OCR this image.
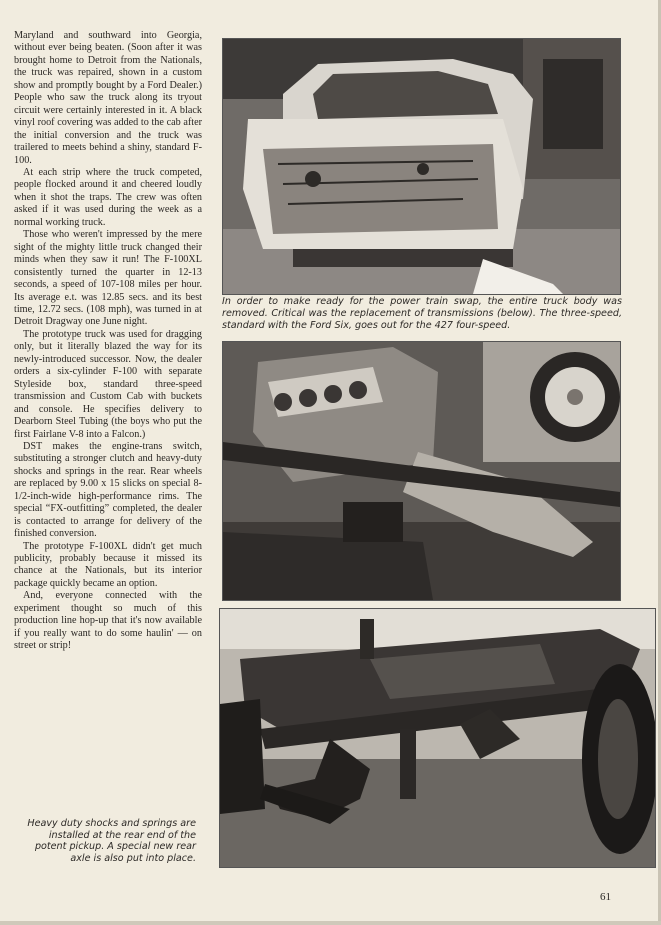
Maryland and southward into Georgia, without ever being beaten. (Soon after it was brought home to Detroit from the Nationals, the truck was repaired, shown in a custom show and promptly bought by a Ford Dealer.) People who saw the truck along its tryout circuit were certainly interested in it. A black vinyl roof covering was added to the cab after the initial conversion and the truck was trailered to meets behind a shiny, standard F-100.

At each strip where the truck competed, people flocked around it and cheered loudly when it shot the traps. The crew was often asked if it was used during the week as a normal working truck.

Those who weren't impressed by the mere sight of the mighty little truck changed their minds when they saw it run! The F-100XL consistently turned the quarter in 12-13 seconds, a speed of 107-108 miles per hour. Its average e.t. was 12.85 secs. and its best time, 12.72 secs. (108 mph), was turned in at Detroit Dragway one June night.

The prototype truck was used for dragging only, but it literally blazed the way for its newly-introduced successor. Now, the dealer orders a six-cylinder F-100 with separate Styleside box, standard three-speed transmission and Custom Cab with buckets and console. He specifies delivery to Dearborn Steel Tubing (the boys who put the first Fairlane V-8 into a Falcon.)

DST makes the engine-trans switch, substituting a stronger clutch and heavy-duty shocks and springs in the rear. Rear wheels are replaced by 9.00 x 15 slicks on special 8-1/2-inch-wide high-performance rims. The special “FX-outfitting” completed, the dealer is contacted to arrange for delivery of the finished conversion.

The prototype F-100XL didn't get much publicity, probably because it missed its chance at the Nationals, but its interior package quickly became an option.

And, everyone connected with the experiment thought so much of this production line hop-up that it's now available if you really want to do some haulin' — on street or strip!

In order to make ready for the power train swap, the entire truck body was removed. Critical was the replacement of transmissions (below). The three-speed, standard with the Ford Six, goes out for the 427 four-speed.
Heavy duty shocks and springs are installed at the rear end of the potent pickup. A special new rear axle is also put into place.
61
